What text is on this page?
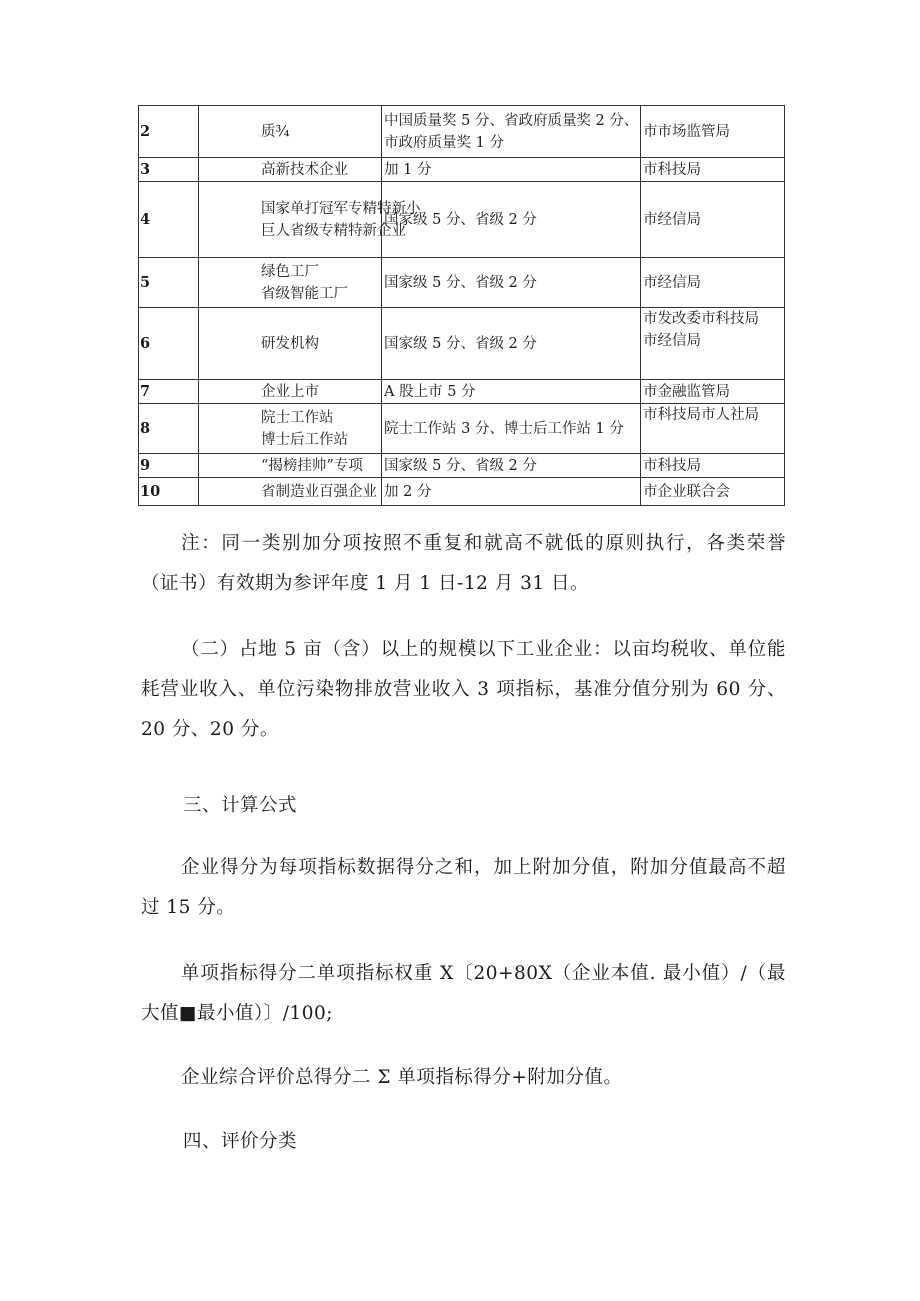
2	质¾	中国质量奖 5 分、省政府质量奖 2 分、
市政府质量奖 1 分	市市场监管局

3	高新技术企业	加 1 分	市科技局

4	国家单打冠军专精特新小
巨人省级专精特新企业	国家级 5 分、省级 2 分	市经信局

5	绿色工厂
省级智能工厂	国家级 5 分、省级 2 分	市经信局

6	研发机构	国家级 5 分、省级 2 分	市发改委市科技局
市经信局

7	企业上市	A 股上市 5 分	市金融监管局

8	院士工作站
博士后工作站	院士工作站 3 分、博士后工作站 1 分	市科技局市人社局

9	“揭榜挂帅”专项	国家级 5 分、省级 2 分	市科技局

10	省制造业百强企业	加 2 分	市企业联合会
注：同一类别加分项按照不重复和就高不就低的原则执行，各类荣誉（证书）有效期为参评年度 1 月 1 日-12 月 31 日。
（二）占地 5 亩（含）以上的规模以下工业企业：以亩均税收、单位能耗营业收入、单位污染物排放营业收入 3 项指标，基准分值分别为 60 分、20 分、20 分。
三、计算公式
企业得分为每项指标数据得分之和，加上附加分值，附加分值最高不超过 15 分。
单项指标得分二单项指标权重 X〔20+80X（企业本值. 最小值）/（最大值■最小值）〕/100;
企业综合评价总得分二 Σ 单项指标得分+附加分值。
四、评价分类
